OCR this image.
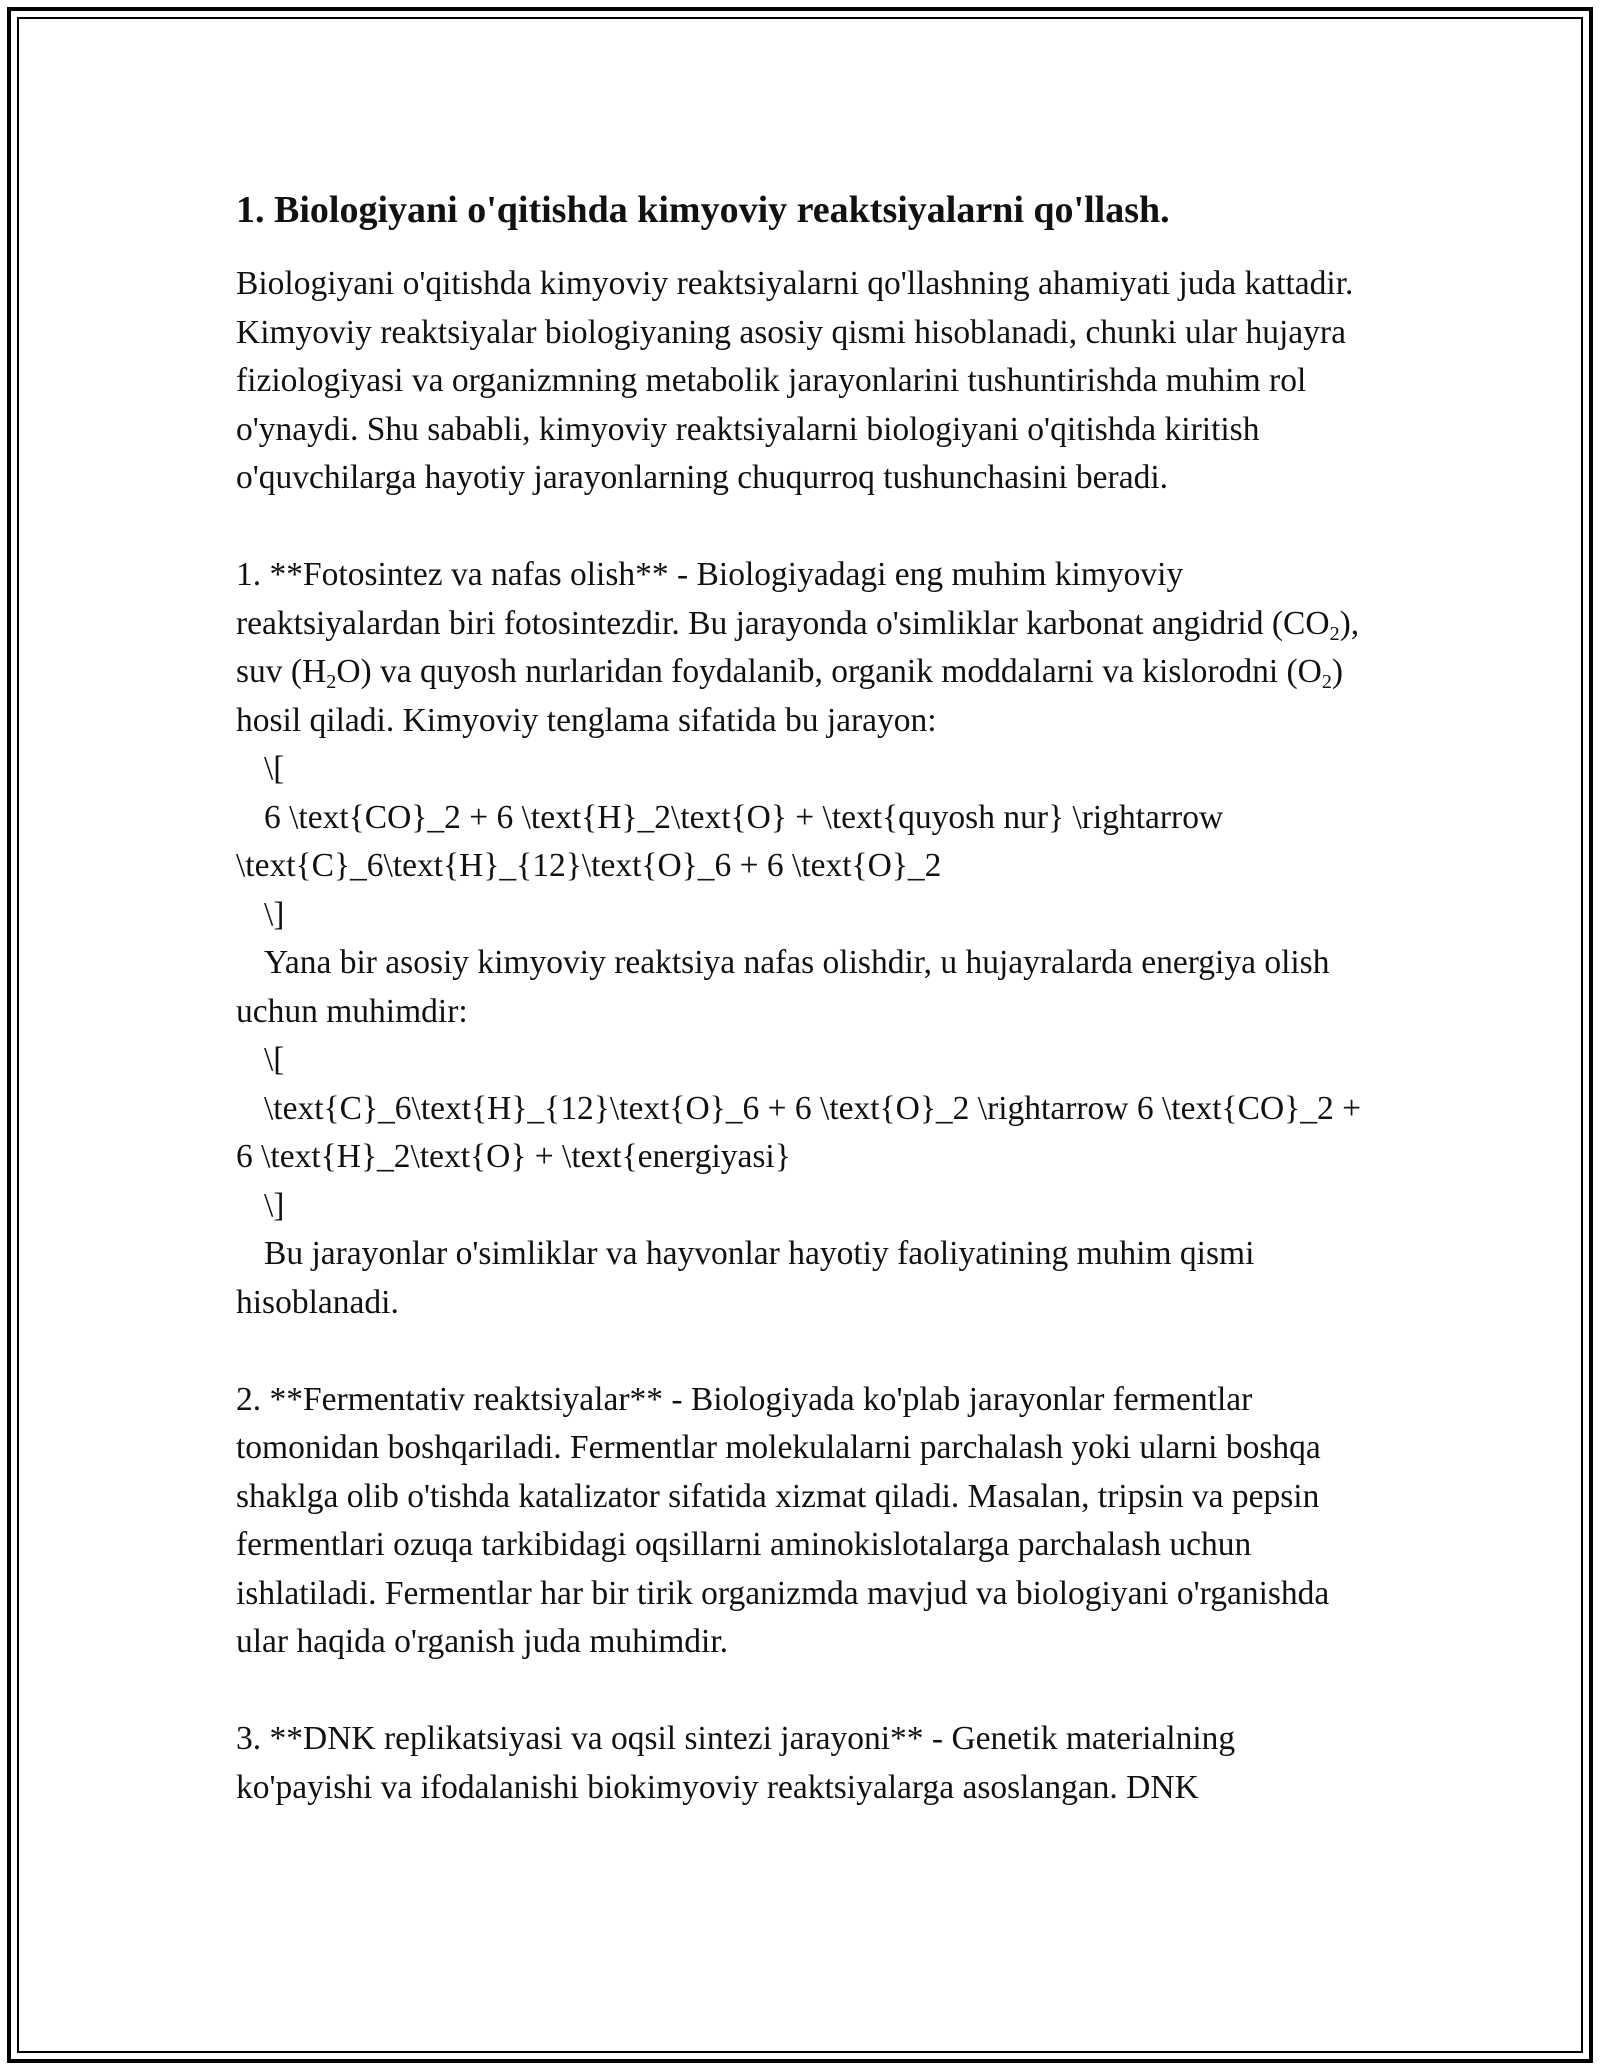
1. Biologiyani o'qitishda kimyoviy reaktsiyalarni qo'llash.

Biologiyani o'qitishda kimyoviy reaktsiyalarni qo'llashning ahamiyati juda kattadir. Kimyoviy reaktsiyalar biologiyaning asosiy qismi hisoblanadi, chunki ular hujayra fiziologiyasi va organizmning metabolik jarayonlarini tushuntirishda muhim rol o'ynaydi. Shu sababli, kimyoviy reaktsiyalarni biologiyani o'qitishda kiritish o'quvchilarga hayotiy jarayonlarning chuqurroq tushunchasini beradi.

1. **Fotosintez va nafas olish** - Biologiyadagi eng muhim kimyoviy reaktsiyalardan biri fotosintezdir. Bu jarayonda o'simliklar karbonat angidrid $(CO_2)$, suv $(H_2O)$ va quyosh nurlaridan foydalanib, organik moddalarni va kislorodni $(O_2)$ hosil qiladi. Kimyoviy tenglama sifatida bu jarayon:

\[

6 \text{CO}_2 + 6 \text{H}_2\text{O} + \text{quyosh nur} \rightarrow \text{C}_6\text{H}_{12}\text{O}_6 + 6 \text{O}_2

\]

Yana bir asosiy kimyoviy reaktsiya nafas olishdir, u hujayralarda energiya olish uchun muhimdir:

\[

\text{C}_6\text{H}_{12}\text{O}_6 + 6 \text{O}_2 \rightarrow 6 \text{CO}_2 + 6 \text{H}_2\text{O} + \text{energiyasi}

\]

Bu jarayonlar o'simliklar va hayvonlar hayotiy faoliyatining muhim qismi hisoblanadi.

2. **Fermentativ reaktsiyalar** - Biologiyada ko'plab jarayonlar fermentlar tomonidan boshqariladi. Fermentlar molekulalarni parchalash yoki ularni boshqa shaklga olib o'tishda katalizator sifatida xizmat qiladi. Masalan, tripsin va pepsin fermentlari ozuqa tarkibidagi oqsillarni aminokislotalarga parchalash uchun ishlatiladi. Fermentlar har bir tirik organizmda mavjud va biologiyani o'rganishda ular haqida o'rganish juda muhimdir.

3. **DNK replikatsiyasi va oqsil sintezi jarayoni** - Genetik materialning ko'payishi va ifodalanishi biokimyoviy reaktsiyalarga asoslangan. DNK
